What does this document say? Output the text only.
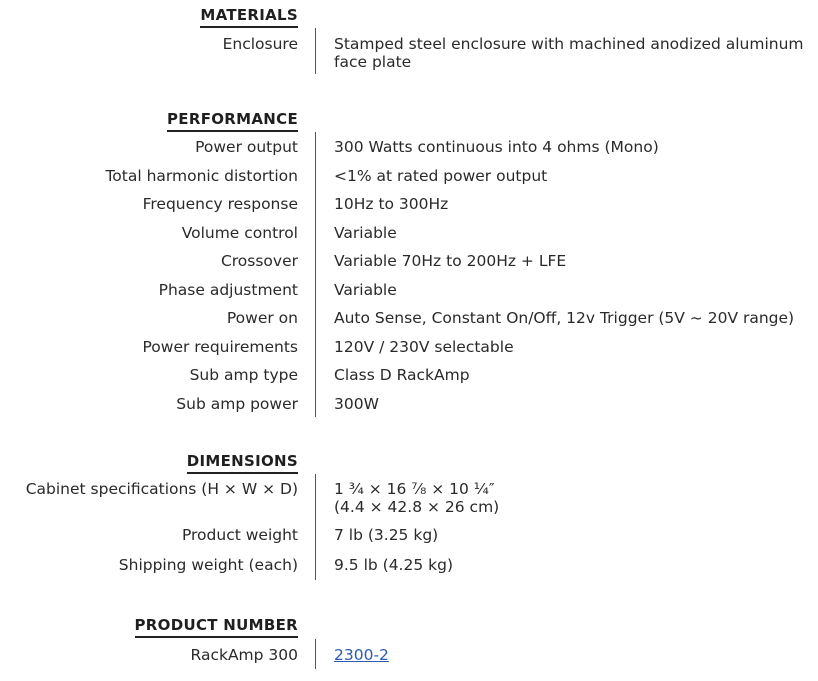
MATERIALS
Enclosure Stamped steel enclosure with machined anodized aluminum
face plate
PERFORMANCE
Power output 300 Watts continuous into 4 ohms (Mono)
Total harmonic distortion <1% at rated power output
Frequency response 10Hz to 300Hz
Volume control Variable
Crossover Variable 70Hz to 200Hz + LFE
Phase adjustment Variable
Power on Auto Sense, Constant On/Off, 12v Trigger (5V ~ 20V range)
Power requirements 120V / 230V selectable
Sub amp type Class D RackAmp
Sub amp power 300W
DIMENSIONS
Cabinet specifications (H × W × D) 1 ³⁄₄ × 16 ⁷⁄₈ × 10 ¹⁄₄″
(4.4 × 42.8 × 26 cm)
Product weight 7 lb (3.25 kg)
Shipping weight (each) 9.5 lb (4.25 kg)
PRODUCT NUMBER
RackAmp 300 2300-2
